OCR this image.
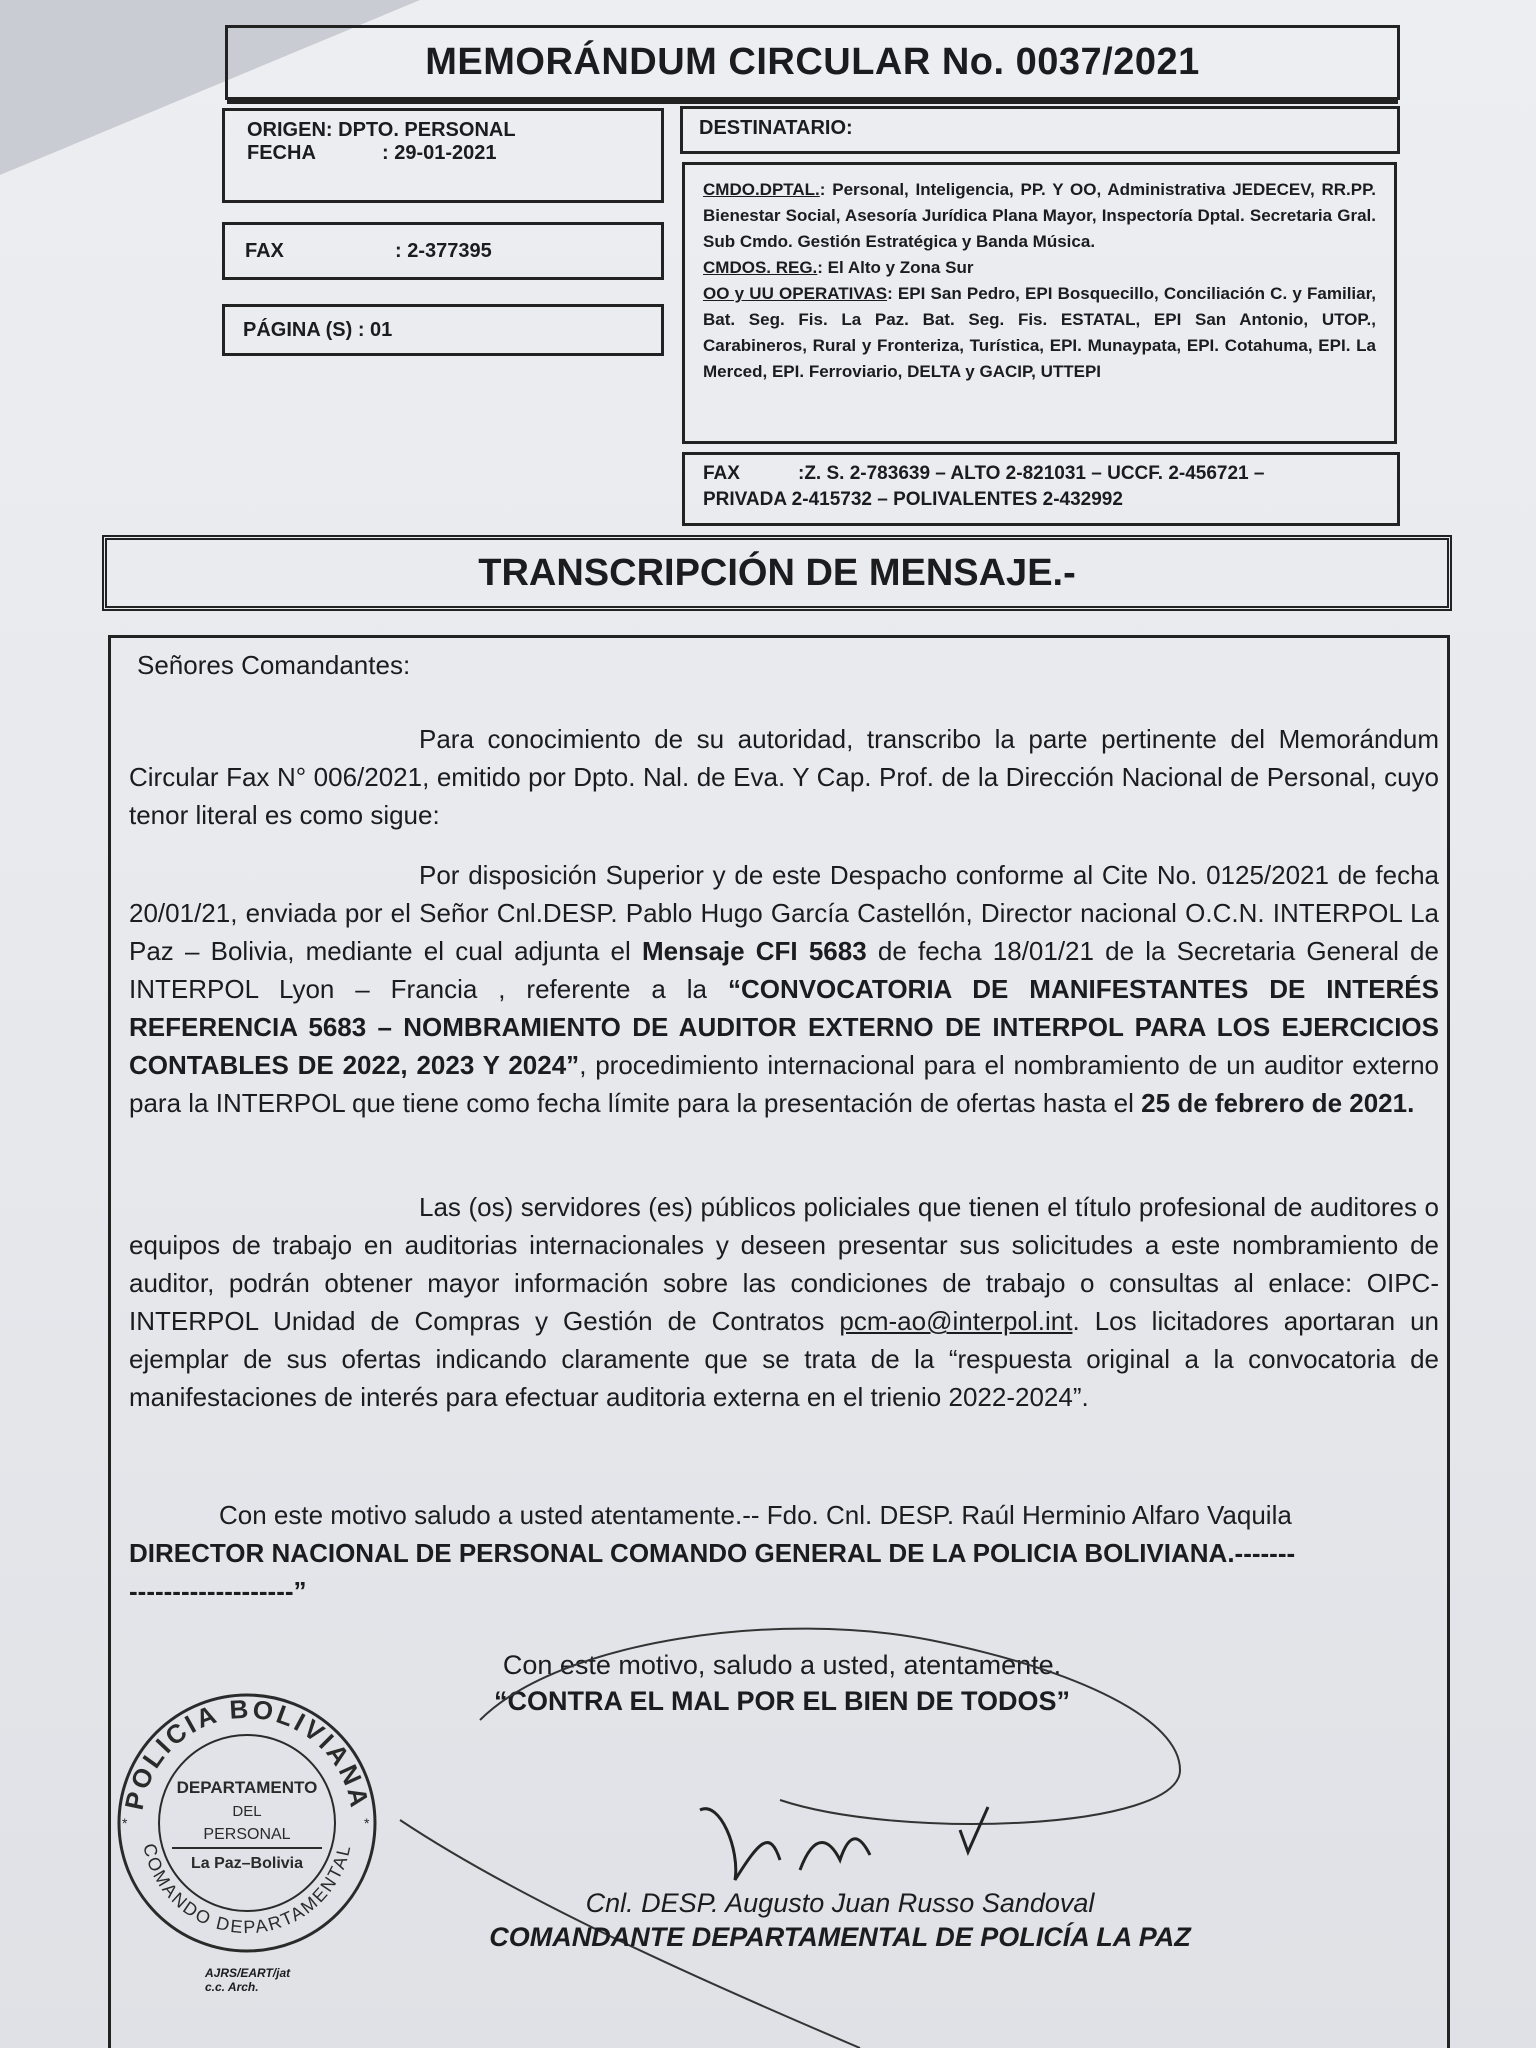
MEMORÁNDUM CIRCULAR No. 0037/2021
ORIGEN:
DPTO. PERSONAL
FECHA	: 29-01-2021
FAX	: 2-377395
PÁGINA (S) :
01
DESTINATARIO:
CMDO.DPTAL.: Personal, Inteligencia, PP. Y OO, Administrativa JEDECEV, RR.PP. Bienestar Social, Asesoría Jurídica Plana Mayor, Inspectoría Dptal. Secretaria Gral. Sub Cmdo. Gestión Estratégica y Banda Música.
CMDOS. REG.: El Alto y Zona Sur
OO y UU OPERATIVAS: EPI San Pedro, EPI Bosquecillo, Conciliación C. y Familiar, Bat. Seg. Fis. La Paz. Bat. Seg. Fis. ESTATAL, EPI San Antonio, UTOP., Carabineros, Rural y Fronteriza, Turística, EPI. Munaypata, EPI. Cotahuma, EPI. La Merced, EPI. Ferroviario, DELTA y GACIP, UTTEPI
FAX	:Z. S. 2-783639 – ALTO 2-821031 – UCCF. 2-456721 –
PRIVADA 2-415732 – POLIVALENTES 2-432992
TRANSCRIPCIÓN DE MENSAJE.-
Señores Comandantes:
Para conocimiento de su autoridad, transcribo la parte pertinente del Memorándum Circular Fax N° 006/2021, emitido por Dpto. Nal. de Eva. Y Cap. Prof. de la Dirección Nacional de Personal, cuyo tenor literal es como sigue:
Por disposición Superior y de este Despacho conforme al Cite No. 0125/2021 de fecha 20/01/21, enviada por el Señor Cnl.DESP. Pablo Hugo García Castellón, Director nacional O.C.N. INTERPOL La Paz – Bolivia, mediante el cual adjunta el Mensaje CFI 5683 de fecha 18/01/21 de la Secretaria General de INTERPOL Lyon – Francia , referente a la “CONVOCATORIA DE MANIFESTANTES DE INTERÉS REFERENCIA 5683 – NOMBRAMIENTO DE AUDITOR EXTERNO DE INTERPOL PARA LOS EJERCICIOS CONTABLES DE 2022, 2023 Y 2024”, procedimiento internacional para el nombramiento de un auditor externo para la INTERPOL que tiene como fecha límite para la presentación de ofertas hasta el 25 de febrero de 2021.
Las (os) servidores (es) públicos policiales que tienen el título profesional de auditores o equipos de trabajo en auditorias internacionales y deseen presentar sus solicitudes a este nombramiento de auditor, podrán obtener mayor información sobre las condiciones de trabajo o consultas al enlace: OIPC-INTERPOL Unidad de Compras y Gestión de Contratos pcm-ao@interpol.int. Los licitadores aportaran un ejemplar de sus ofertas indicando claramente que se trata de la “respuesta original a la convocatoria de manifestaciones de interés para efectuar auditoria externa en el trienio 2022-2024”.
Con este motivo saludo a usted atentamente.-- Fdo. Cnl. DESP. Raúl Herminio Alfaro Vaquila
DIRECTOR NACIONAL DE PERSONAL COMANDO GENERAL DE LA POLICIA BOLIVIANA.-------
-------------------”
Con este motivo, saludo a usted, atentamente.
“CONTRA EL MAL POR EL BIEN DE TODOS”
Cnl. DESP. Augusto Juan Russo Sandoval
COMANDANTE DEPARTAMENTAL DE POLICÍA LA PAZ
POLICIA BOLIVIANA
COMANDO DEPARTAMENTAL
DEPARTAMENTO
DEL
PERSONAL
La Paz–Bolivia
*	*
AJRS/EART/jat
c.c. Arch.
